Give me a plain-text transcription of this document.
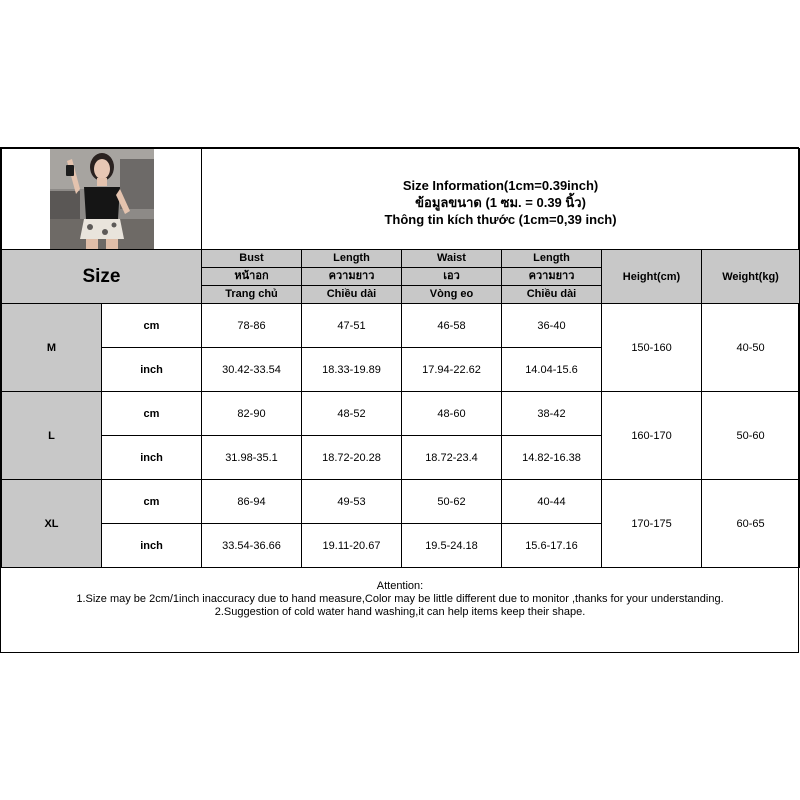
Size Information(1cm=0.39inch)
ข้อมูลขนาด (1 ซม. = 0.39 นิ้ว)
Thông tin kích thước (1cm=0,39 inch)					

Size		Bust	Length	Waist	Length	Height(cm)	Weight(kg)
		หน้าอก	ความยาว	เอว	ความยาว		
		Trang chủ	Chiều dài	Vòng eo	Chiều dài		
M	cm	78-86	47-51	46-58	36-40	150-160	40-50
	inch	30.42-33.54	18.33-19.89	17.94-22.62	14.04-15.6		
L	cm	82-90	48-52	48-60	38-42	160-170	50-60
	inch	31.98-35.1	18.72-20.28	18.72-23.4	14.82-16.38		
XL	cm	86-94	49-53	50-62	40-44	170-175	60-65
	inch	33.54-36.66	19.11-20.67	19.5-24.18	15.6-17.16		
Attention:
1.Size may be 2cm/1inch inaccuracy due to hand measure,Color may be little different due to monitor ,thanks for your understanding.
2.Suggestion of cold water hand washing,it can help items keep their shape.
